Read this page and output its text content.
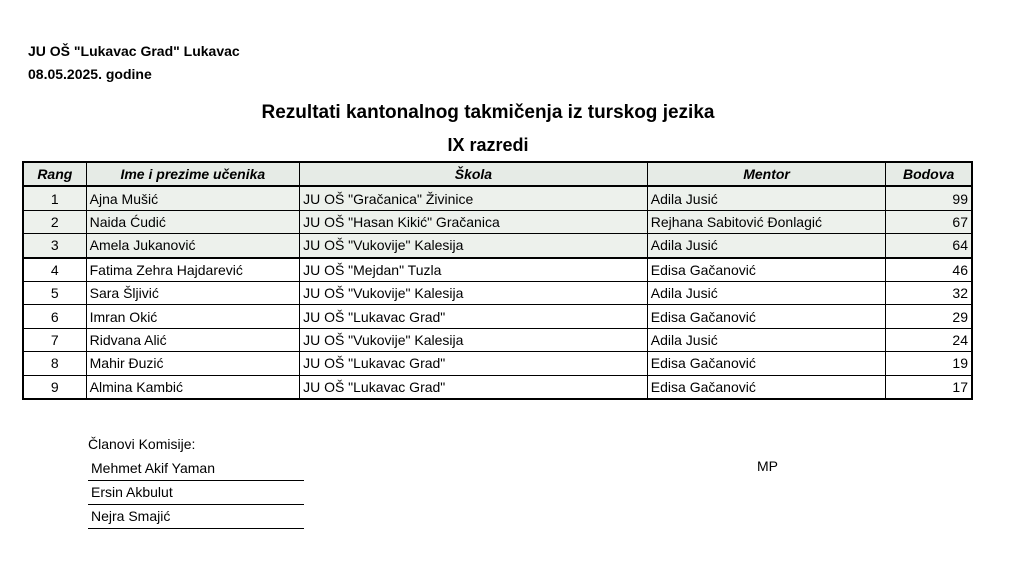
JU OŠ "Lukavac Grad" Lukavac
08.05.2025. godine
Rezultati kantonalnog takmičenja iz turskog jezika
IX razredi
Rang	Ime i prezime učenika	Škola	Mentor	Bodova
1	Ajna Mušić	JU OŠ "Gračanica" Živinice	Adila Jusić	99
2	Naida Ćudić	JU OŠ "Hasan Kikić" Gračanica	Rejhana Sabitović Đonlagić	67
3	Amela Jukanović	JU OŠ "Vukovije" Kalesija	Adila Jusić	64
4	Fatima Zehra Hajdarević	JU OŠ "Mejdan" Tuzla	Edisa Gačanović	46
5	Sara Šljivić	JU OŠ "Vukovije" Kalesija	Adila Jusić	32
6	Imran Okić	JU OŠ "Lukavac Grad"	Edisa Gačanović	29
7	Ridvana Alić	JU OŠ "Vukovije" Kalesija	Adila Jusić	24
8	Mahir Đuzić	JU OŠ "Lukavac Grad"	Edisa Gačanović	19
9	Almina Kambić	JU OŠ "Lukavac Grad"	Edisa Gačanović	17
Članovi Komisije:
Mehmet Akif Yaman
Ersin Akbulut
Nejra Smajić
MP
